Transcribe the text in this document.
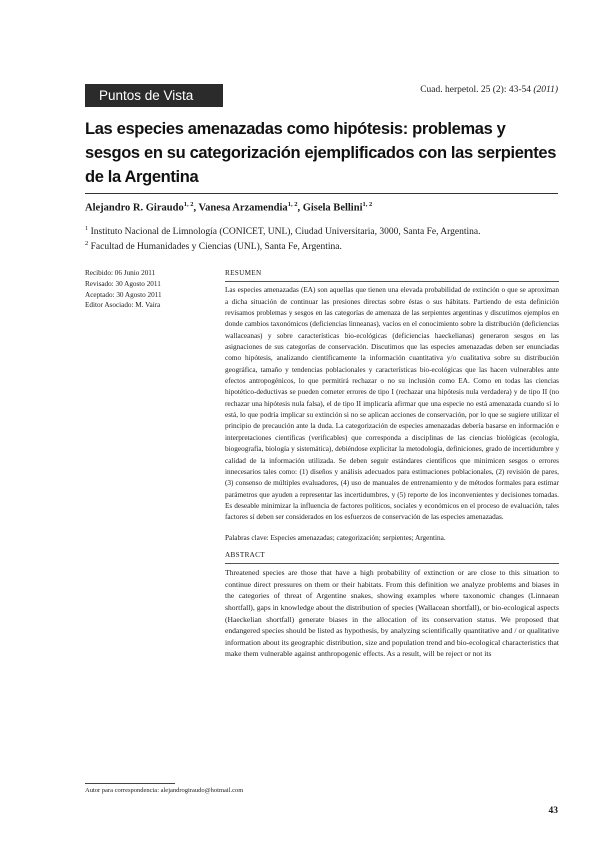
Puntos de Vista	Cuad. herpetol. 25 (2): 43-54 (2011)
Las especies amenazadas como hipótesis: problemas y sesgos en su categorización ejemplificados con las serpientes de la Argentina
Alejandro R. Giraudo$^{1, 2}$, Vanesa Arzamendia$^{1, 2}$, Gisela Bellini$^{1, 2}$
$^1$ Instituto Nacional de Limnología (CONICET, UNL), Ciudad Universitaria, 3000, Santa Fe, Argentina.
$^2$ Facultad de Humanidades y Ciencias (UNL), Santa Fe, Argentina.
Recibido: 06 Junio 2011
Revisado: 30 Agosto 2011
Aceptado: 30 Agosto 2011
Editor Asociado: M. Vaira
RESUMEN

Las especies amenazadas (EA) son aquellas que tienen una elevada probabilidad de extinción o que se aproximan a dicha situación de continuar las presiones directas sobre éstas o sus hábitats. Partiendo de esta definición revisamos problemas y sesgos en las categorías de amenaza de las serpientes argentinas y discutimos ejemplos en donde cambios taxonómicos (deficiencias linneanas), vacíos en el conocimiento sobre la distribución (deficiencias wallaceanas) y sobre características bio-ecológicas (deficiencias haeckelianas) generaron sesgos en las asignaciones de sus categorías de conservación. Discutimos que las especies amenazadas deben ser enunciadas como hipótesis, analizando científicamente la información cuantitativa y/o cualitativa sobre su distribución geográfica, tamaño y tendencias poblacionales y características bio-ecológicas que las hacen vulnerables ante efectos antropogénicos, lo que permitirá rechazar o no su inclusión como EA. Como en todas las ciencias hipotético-deductivas se pueden cometer errores de tipo I (rechazar una hipótesis nula verdadera) y de tipo II (no rechazar una hipótesis nula falsa), el de tipo II implicaría afirmar que una especie no está amenazada cuando sí lo está, lo que podría implicar su extinción si no se aplican acciones de conservación, por lo que se sugiere utilizar el principio de precaución ante la duda. La categorización de especies amenazadas debería basarse en información e interpretaciones científicas (verificables) que corresponda a disciplinas de las ciencias biológicas (ecología, biogeografía, biología y sistemática), debiéndose explicitar la metodología, definiciones, grado de incertidumbre y calidad de la información utilizada. Se deben seguir estándares científicos que minimicen sesgos o errores innecesarios tales como: (1) diseños y análisis adecuados para estimaciones poblacionales, (2) revisión de pares, (3) consenso de múltiples evaluadores, (4) uso de manuales de entrenamiento y de métodos formales para estimar parámetros que ayuden a representar las incertidumbres, y (5) reporte de los inconvenientes y decisiones tomadas. Es deseable minimizar la influencia de factores políticos, sociales y económicos en el proceso de evaluación, tales factores sí deben ser considerados en los esfuerzos de conservación de las especies amenazadas.

Palabras clave: Especies amenazadas; categorización; serpientes; Argentina.

ABSTRACT

Threatened species are those that have a high probability of extinction or are close to this situation to continue direct pressures on them or their habitats. From this definition we analyze problems and biases in the categories of threat of Argentine snakes, showing examples where taxonomic changes (Linnaean shortfall), gaps in knowledge about the distribution of species (Wallacean shortfall), or bio-ecological aspects (Haeckelian shortfall) generate biases in the allocation of its conservation status. We proposed that endangered species should be listed as hypothesis, by analyzing scientifically quantitative and / or qualitative information about its geographic distribution, size and population trend and bio-ecological characteristics that make them vulnerable against anthropogenic effects. As a result, will be reject or not its

Autor para correspondencia: alejandrogiraudo@hotmail.com
43
